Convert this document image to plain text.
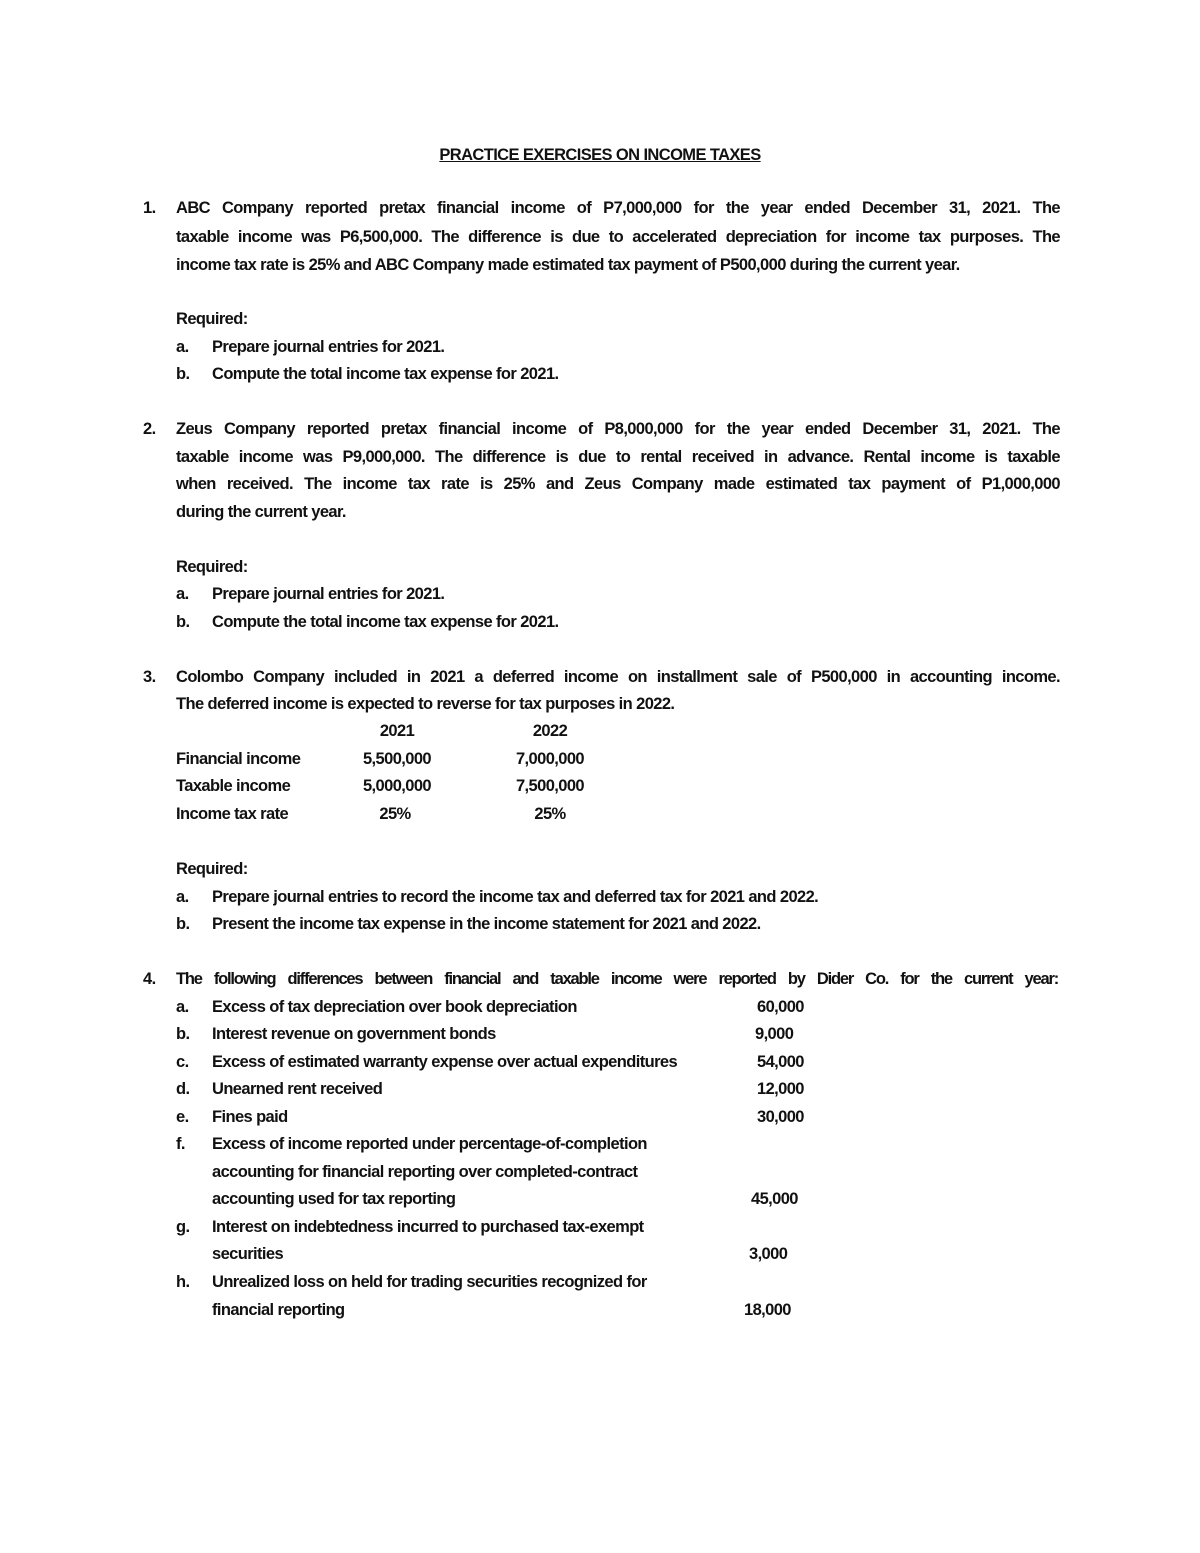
PRACTICE EXERCISES ON INCOME TAXES
1. ABC Company reported pretax financial income of P7,000,000 for the year ended December 31, 2021. The
taxable income was P6,500,000. The difference is due to accelerated depreciation for income tax purposes. The
income tax rate is 25% and ABC Company made estimated tax payment of P500,000 during the current year.
Required:
a. Prepare journal entries for 2021.
b. Compute the total income tax expense for 2021.
2. Zeus Company reported pretax financial income of P8,000,000 for the year ended December 31, 2021. The
taxable income was P9,000,000. The difference is due to rental received in advance. Rental income is taxable
when received. The income tax rate is 25% and Zeus Company made estimated tax payment of P1,000,000
during the current year.
Required:
a. Prepare journal entries for 2021.
b. Compute the total income tax expense for 2021.
3. Colombo Company included in 2021 a deferred income on installment sale of P500,000 in accounting income.
The deferred income is expected to reverse for tax purposes in 2022.
2021	2022
Financial income	5,500,000	7,000,000
Taxable income	5,000,000	7,500,000
Income tax rate	25%	25%
Required:
a. Prepare journal entries to record the income tax and deferred tax for 2021 and 2022.
b. Present the income tax expense in the income statement for 2021 and 2022.
4. The following differences between financial and taxable income were reported by Dider Co. for the current year:
a. Excess of tax depreciation over book depreciation	60,000
b. Interest revenue on government bonds	9,000
c. Excess of estimated warranty expense over actual expenditures	54,000
d. Unearned rent received	12,000
e. Fines paid	30,000
f. Excess of income reported under percentage-of-completion
accounting for financial reporting over completed-contract
accounting used for tax reporting	45,000
g. Interest on indebtedness incurred to purchased tax-exempt
securities	3,000
h. Unrealized loss on held for trading securities recognized for
financial reporting	18,000
